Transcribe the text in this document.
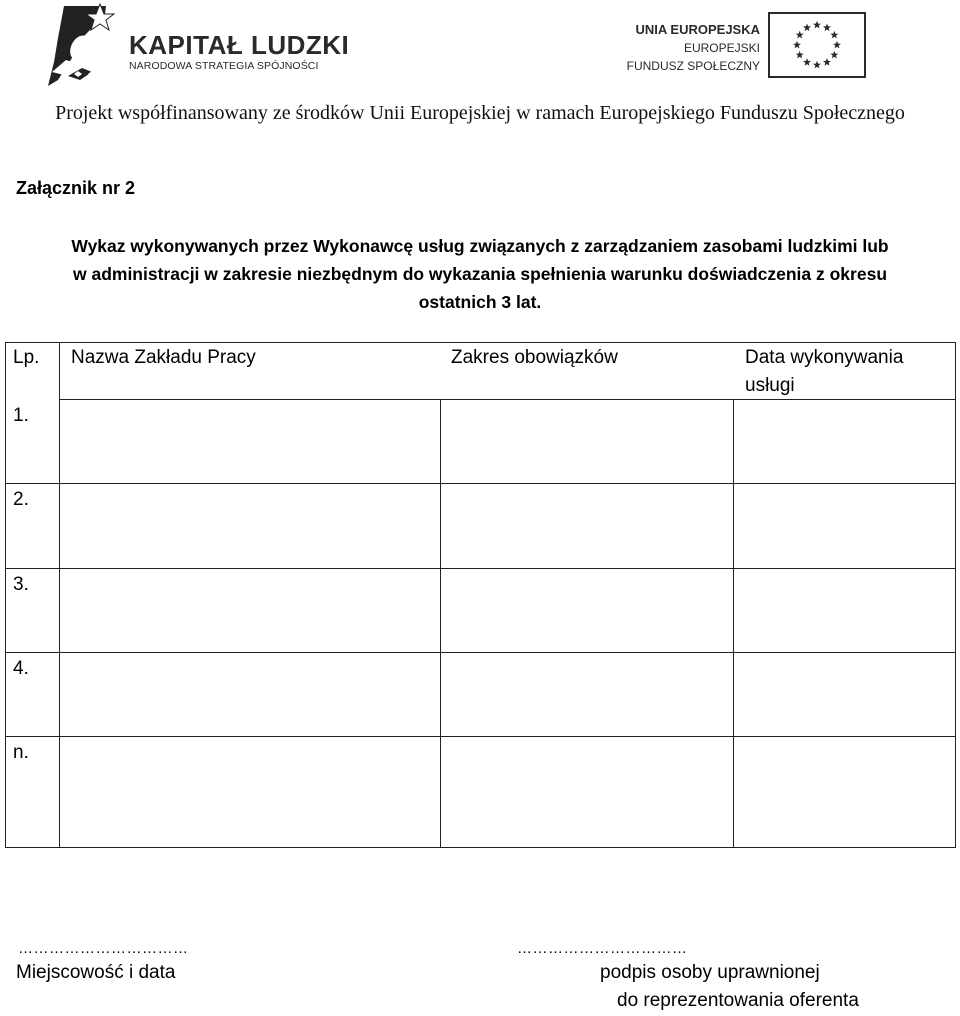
KAPITAŁ LUDZKI
NARODOWA STRATEGIA SPÓJNOŚCI
UNIA EUROPEJSKA
EUROPEJSKI
FUNDUSZ SPOŁECZNY
Projekt współfinansowany ze środków Unii Europejskiej w ramach Europejskiego Funduszu Społecznego
Załącznik nr 2
Wykaz wykonywanych przez Wykonawcę usług związanych z zarządzaniem zasobami ludzkimi lub
w administracji w zakresie niezbędnym do wykazania spełnienia warunku doświadczenia z okresu
ostatnich 3 lat.
Lp. Nazwa Zakładu Pracy	Zakres obowiązków	Data wykonywania
usługi
1.
2.
3.
4.
n.
……………………………
Miejscowość i data
……………………………
podpis osoby uprawnionej
do reprezentowania oferenta
